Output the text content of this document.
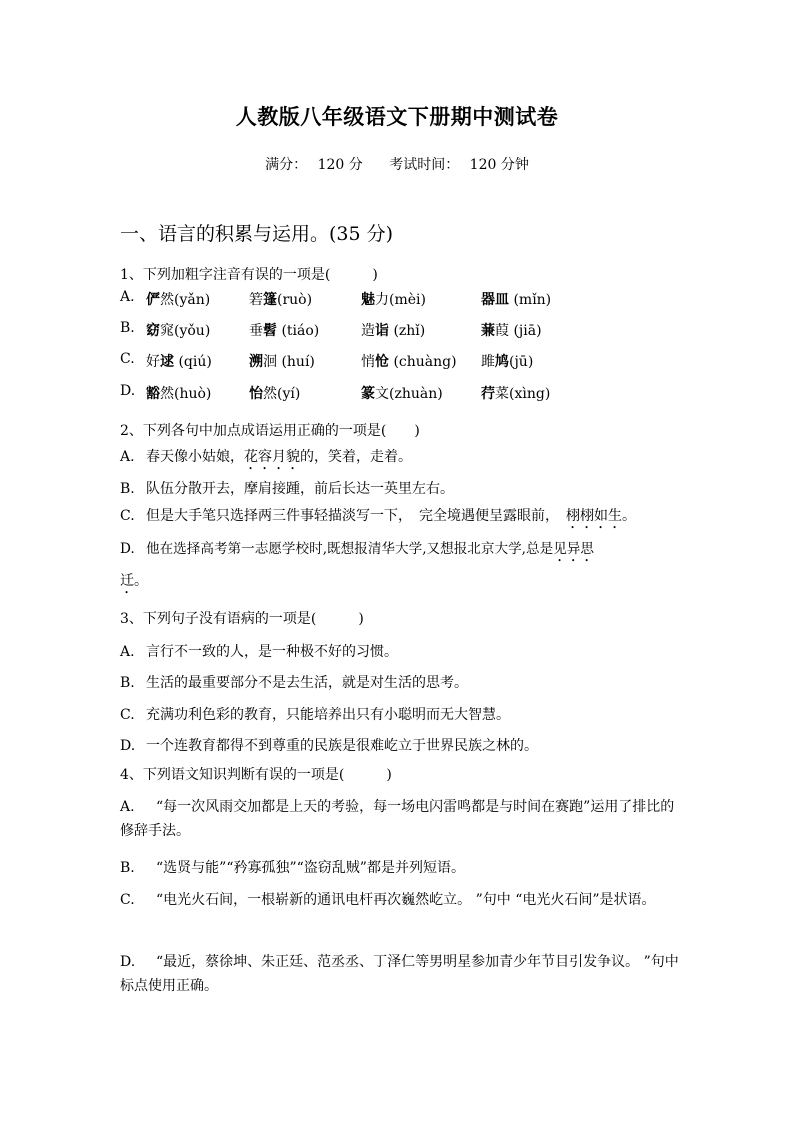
人教版八年级语文下册期中测试卷
满分： 120 分 考试时间： 120 分钟
一、语言的积累与运用。(35 分)
1、下列加粗字注音有误的一项是(　　　)
A. 俨然(yǎn)	箬篷(ruò)	魅力(mèi)	器皿 (mǐn)
B. 窈窕(yǒu)	垂髫 (tiáo)	造诣 (zhǐ)	蒹葭 (jiā)
C. 好逑 (qiú)	溯洄 (huí)	悄怆 (chuàng) 雎鸠(jū)
D. 豁然(huò)	怡然(yí)	篆文(zhuàn)	荇菜(xìng)
2、下列各句中加点成语运用正确的一项是(　　)
A. 春天像小姑娘，花容月貌的，笑着，走着。
B. 队伍分散开去，摩肩接踵，前后长达一英里左右。
C. 但是大手笔只选择两三件事轻描淡写一下，　完全境遇便呈露眼前，　栩栩如生。
D. 他在选择高考第一志愿学校时,既想报清华大学,又想报北京大学,总是见异思
迁。
3、下列句子没有语病的一项是(　　　)
A. 言行不一致的人，是一种极不好的习惯。
B. 生活的最重要部分不是去生活，就是对生活的思考。
C. 充满功利色彩的教育，只能培养出只有小聪明而无大智慧。
D. 一个连教育都得不到尊重的民族是很难屹立于世界民族之林的。
4、下列语文知识判断有误的一项是(　　　)
A. “每一次风雨交加都是上天的考验，每一场电闪雷鸣都是与时间在赛跑”运用了排比的修辞手法。
B. “选贤与能”“矜寡孤独”“盗窃乱贼”都是并列短语。
C. “电光火石间，一根崭新的通讯电杆再次巍然屹立。 ”句中 “电光火石间”是状语。
D. “最近，蔡徐坤、朱正廷、范丞丞、丁泽仁等男明星参加青少年节目引发争议。 ”句中标点使用正确。
